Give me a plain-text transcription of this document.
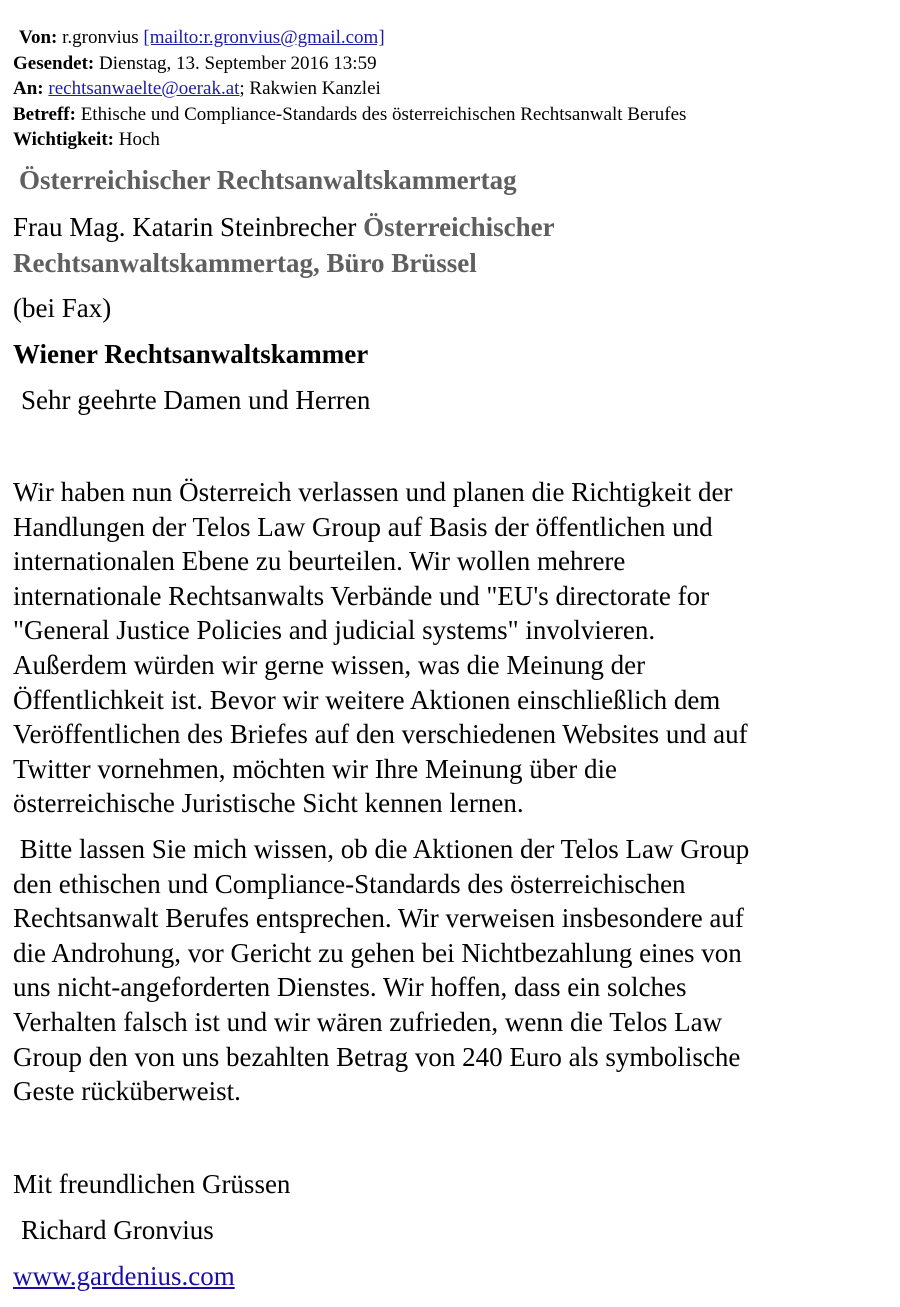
Von: r.gronvius [mailto:r.gronvius@gmail.com]
Gesendet: Dienstag, 13. September 2016 13:59
An: rechtsanwaelte@oerak.at; Rakwien Kanzlei
Betreff: Ethische und Compliance-Standards des österreichischen Rechtsanwalt Berufes
Wichtigkeit: Hoch
Österreichischer Rechtsanwaltskammertag
Frau Mag. Katarin Steinbrecher Österreichischer
Rechtsanwaltskammertag, Büro Brüssel
(bei Fax)
Wiener Rechtsanwaltskammer
Sehr geehrte Damen und Herren
Wir haben nun Österreich verlassen und planen die Richtigkeit der
Handlungen der Telos Law Group auf Basis der öffentlichen und
internationalen Ebene zu beurteilen. Wir wollen mehrere
internationale Rechtsanwalts Verbände und "EU's directorate for
"General Justice Policies and judicial systems" involvieren.
Außerdem würden wir gerne wissen, was die Meinung der
Öffentlichkeit ist. Bevor wir weitere Aktionen einschließlich dem
Veröffentlichen des Briefes auf den verschiedenen Websites und auf
Twitter vornehmen, möchten wir Ihre Meinung über die
österreichische Juristische Sicht kennen lernen.
Bitte lassen Sie mich wissen, ob die Aktionen der Telos Law Group
den ethischen und Compliance-Standards des österreichischen
Rechtsanwalt Berufes entsprechen. Wir verweisen insbesondere auf
die Androhung, vor Gericht zu gehen bei Nichtbezahlung eines von
uns nicht-angeforderten Dienstes. Wir hoffen, dass ein solches
Verhalten falsch ist und wir wären zufrieden, wenn die Telos Law
Group den von uns bezahlten Betrag von 240 Euro als symbolische
Geste rücküberweist.
Mit freundlichen Grüssen
Richard Gronvius
www.gardenius.com
